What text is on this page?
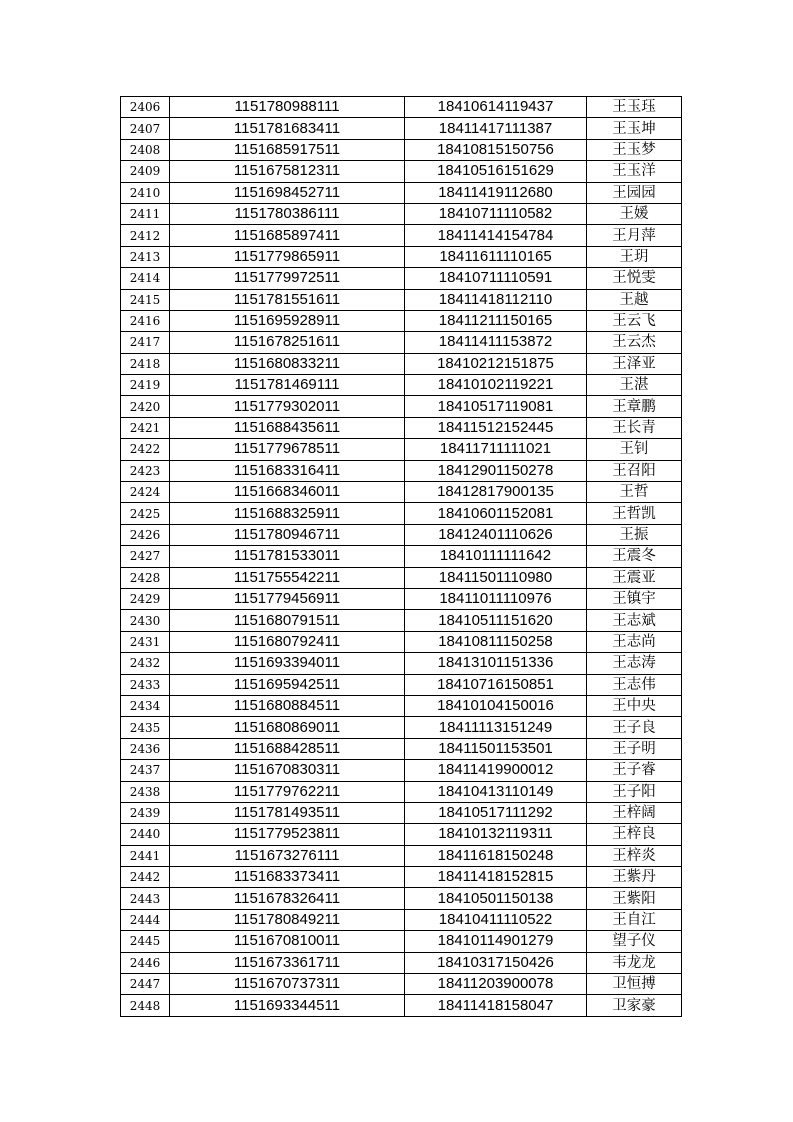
2406	1151780988111	18410614119437	王玉珏
2407	1151781683411	18411417111387	王玉坤
2408	1151685917511	18410815150756	王玉梦
2409	1151675812311	18410516151629	王玉洋
2410	1151698452711	18411419112680	王园园
2411	1151780386111	18410711110582	王媛
2412	1151685897411	18411414154784	王月萍
2413	1151779865911	18411611110165	王玥
2414	1151779972511	18410711110591	王悦雯
2415	1151781551611	18411418112110	王越
2416	1151695928911	18411211150165	王云飞
2417	1151678251611	18411411153872	王云杰
2418	1151680833211	18410212151875	王泽亚
2419	1151781469111	18410102119221	王湛
2420	1151779302011	18410517119081	王章鹏
2421	1151688435611	18411512152445	王长青
2422	1151779678511	18411711111021	王钊
2423	1151683316411	18412901150278	王召阳
2424	1151668346011	18412817900135	王哲
2425	1151688325911	18410601152081	王哲凯
2426	1151780946711	18412401110626	王振
2427	1151781533011	18410111111642	王震冬
2428	1151755542211	18411501110980	王震亚
2429	1151779456911	18411011110976	王镇宇
2430	1151680791511	18410511151620	王志斌
2431	1151680792411	18410811150258	王志尚
2432	1151693394011	18413101151336	王志涛
2433	1151695942511	18410716150851	王志伟
2434	1151680884511	18410104150016	王中央
2435	1151680869011	18411113151249	王子良
2436	1151688428511	18411501153501	王子明
2437	1151670830311	18411419900012	王子睿
2438	1151779762211	18410413110149	王子阳
2439	1151781493511	18410517111292	王梓阔
2440	1151779523811	18410132119311	王梓良
2441	1151673276111	18411618150248	王梓炎
2442	1151683373411	18411418152815	王紫丹
2443	1151678326411	18410501150138	王紫阳
2444	1151780849211	18410411110522	王自江
2445	1151670810011	18410114901279	望子仪
2446	1151673361711	18410317150426	韦龙龙
2447	1151670737311	18411203900078	卫恒搏
2448	1151693344511	18411418158047	卫家豪
